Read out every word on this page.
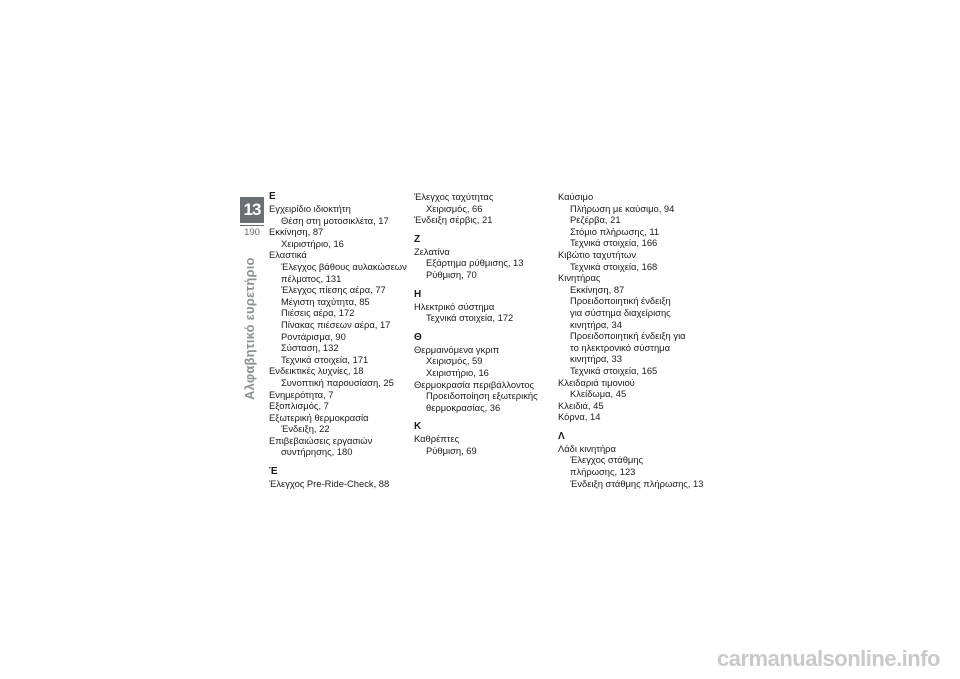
13
190
Αλφαβητικό ευρετήριο
Ε
Εγχειρίδιο ιδιοκτήτη
Θέση στη μοτοσικλέτα, 17
Εκκίνηση, 87
Χειριστήριο, 16
Ελαστικά
Έλεγχος βάθους αυλακώσεων
πέλματος, 131
Έλεγχος πίεσης αέρα, 77
Μέγιστη ταχύτητα, 85
Πιέσεις αέρα, 172
Πίνακας πιέσεων αέρα, 17
Ροντάρισμα, 90
Σύσταση, 132
Τεχνικά στοιχεία, 171
Ενδεικτικές λυχνίες, 18
Συνοπτική παρουσίαση, 25
Ενημερότητα, 7
Εξοπλισμός, 7
Εξωτερική θερμοκρασία
Ένδειξη, 22
Επιβεβαιώσεις εργασιών
συντήρησης, 180
Έ
Έλεγχος Pre-Ride-Check, 88
Έλεγχος ταχύτητας
Χειρισμός, 66
Ένδειξη σέρβις, 21
Ζ
Ζελατίνα
Εξάρτημα ρύθμισης, 13
Ρύθμιση, 70
Η
Ηλεκτρικό σύστημα
Τεχνικά στοιχεία, 172
Θ
Θερμαινόμενα γκριπ
Χειρισμός, 59
Χειριστήριο, 16
Θερμοκρασία περιβάλλοντος
Προειδοποίηση εξωτερικής
θερμοκρασίας, 36
Κ
Καθρέπτες
Ρύθμιση, 69
Καύσιμο
Πλήρωση με καύσιμο, 94
Ρεζέρβα, 21
Στόμιο πλήρωσης, 11
Τεχνικά στοιχεία, 166
Κιβώτιο ταχυτήτων
Τεχνικά στοιχεία, 168
Κινητήρας
Εκκίνηση, 87
Προειδοποιητική ένδειξη
για σύστημα διαχείρισης
κινητήρα, 34
Προειδοποιητική ένδειξη για
το ηλεκτρονικό σύστημα
κινητήρα, 33
Τεχνικά στοιχεία, 165
Κλειδαριά τιμονιού
Κλείδωμα, 45
Κλειδιά, 45
Κόρνα, 14
Λ
Λάδι κινητήρα
Έλεγχος στάθμης
πλήρωσης, 123
Ένδειξη στάθμης πλήρωσης, 13
carmanualsonline.info
